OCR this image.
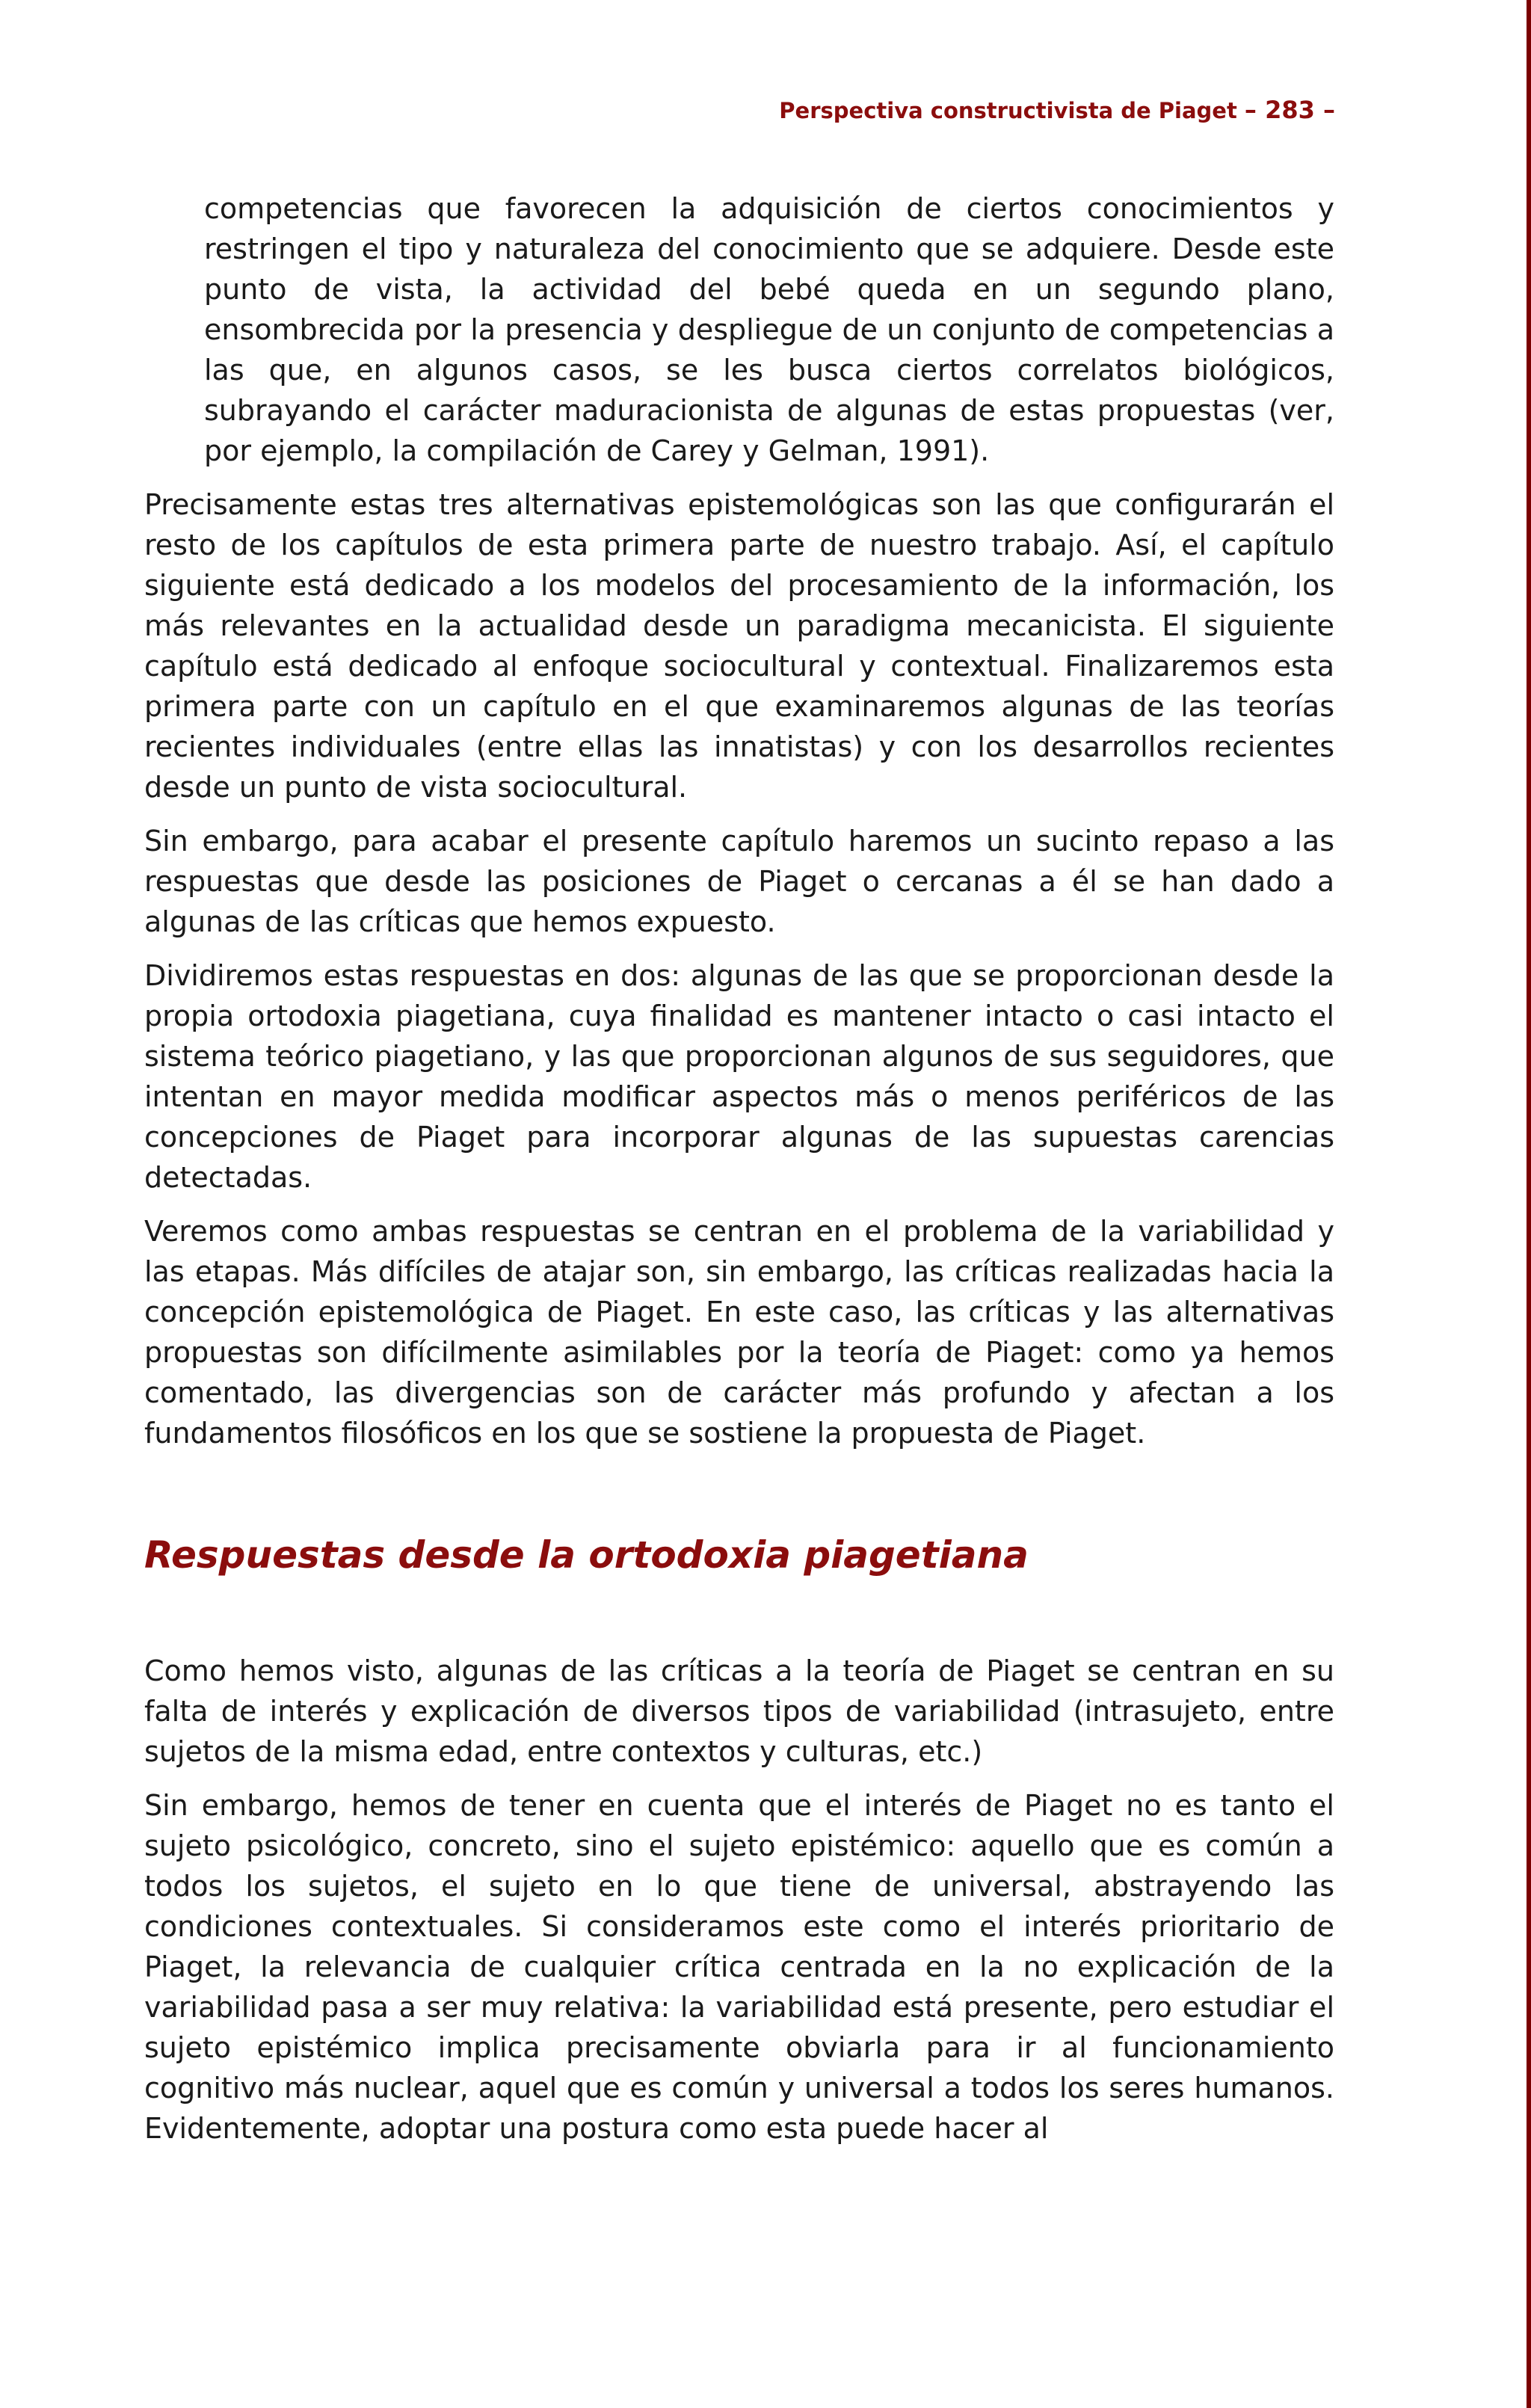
Perspectiva constructivista de Piaget – 283 –

competencias que favorecen la adquisición de ciertos conocimientos y restringen el tipo y naturaleza del conocimiento que se adquiere. Desde este punto de vista, la actividad del bebé queda en un segundo plano, ensombrecida por la presencia y despliegue de un conjunto de competencias a las que, en algunos casos, se les busca ciertos correlatos biológicos, subrayando el carácter maduracionista de algunas de estas propuestas (ver, por ejemplo, la compilación de Carey y Gelman, 1991).

Precisamente estas tres alternativas epistemológicas son las que configurarán el resto de los capítulos de esta primera parte de nuestro trabajo. Así, el capítulo siguiente está dedicado a los modelos del procesamiento de la información, los más relevantes en la actualidad desde un paradigma mecanicista. El siguiente capítulo está dedicado al enfoque sociocultural y contextual. Finalizaremos esta primera parte con un capítulo en el que examinaremos algunas de las teorías recientes individuales (entre ellas las innatistas) y con los desarrollos recientes desde un punto de vista sociocultural.

Sin embargo, para acabar el presente capítulo haremos un sucinto repaso a las respuestas que desde las posiciones de Piaget o cercanas a él se han dado a algunas de las críticas que hemos expuesto.

Dividiremos estas respuestas en dos: algunas de las que se proporcionan desde la propia ortodoxia piagetiana, cuya finalidad es mantener intacto o casi intacto el sistema teórico piagetiano, y las que proporcionan algunos de sus seguidores, que intentan en mayor medida modificar aspectos más o menos periféricos de las concepciones de Piaget para incorporar algunas de las supuestas carencias detectadas.

Veremos como ambas respuestas se centran en el problema de la variabilidad y las etapas. Más difíciles de atajar son, sin embargo, las críticas realizadas hacia la concepción epistemológica de Piaget. En este caso, las críticas y las alternativas propuestas son difícilmente asimilables por la teoría de Piaget: como ya hemos comentado, las divergencias son de carácter más profundo y afectan a los fundamentos filosóficos en los que se sostiene la propuesta de Piaget.

Respuestas desde la ortodoxia piagetiana

Como hemos visto, algunas de las críticas a la teoría de Piaget se centran en su falta de interés y explicación de diversos tipos de variabilidad (intrasujeto, entre sujetos de la misma edad, entre contextos y culturas, etc.)

Sin embargo, hemos de tener en cuenta que el interés de Piaget no es tanto el sujeto psicológico, concreto, sino el sujeto epistémico: aquello que es común a todos los sujetos, el sujeto en lo que tiene de universal, abstrayendo las condiciones contextuales. Si consideramos este como el interés prioritario de Piaget, la relevancia de cualquier crítica centrada en la no explicación de la variabilidad pasa a ser muy relativa: la variabilidad está presente, pero estudiar el sujeto epistémico implica precisamente obviarla para ir al funcionamiento cognitivo más nuclear, aquel que es común y universal a todos los seres humanos. Evidentemente, adoptar una postura como esta puede hacer al
